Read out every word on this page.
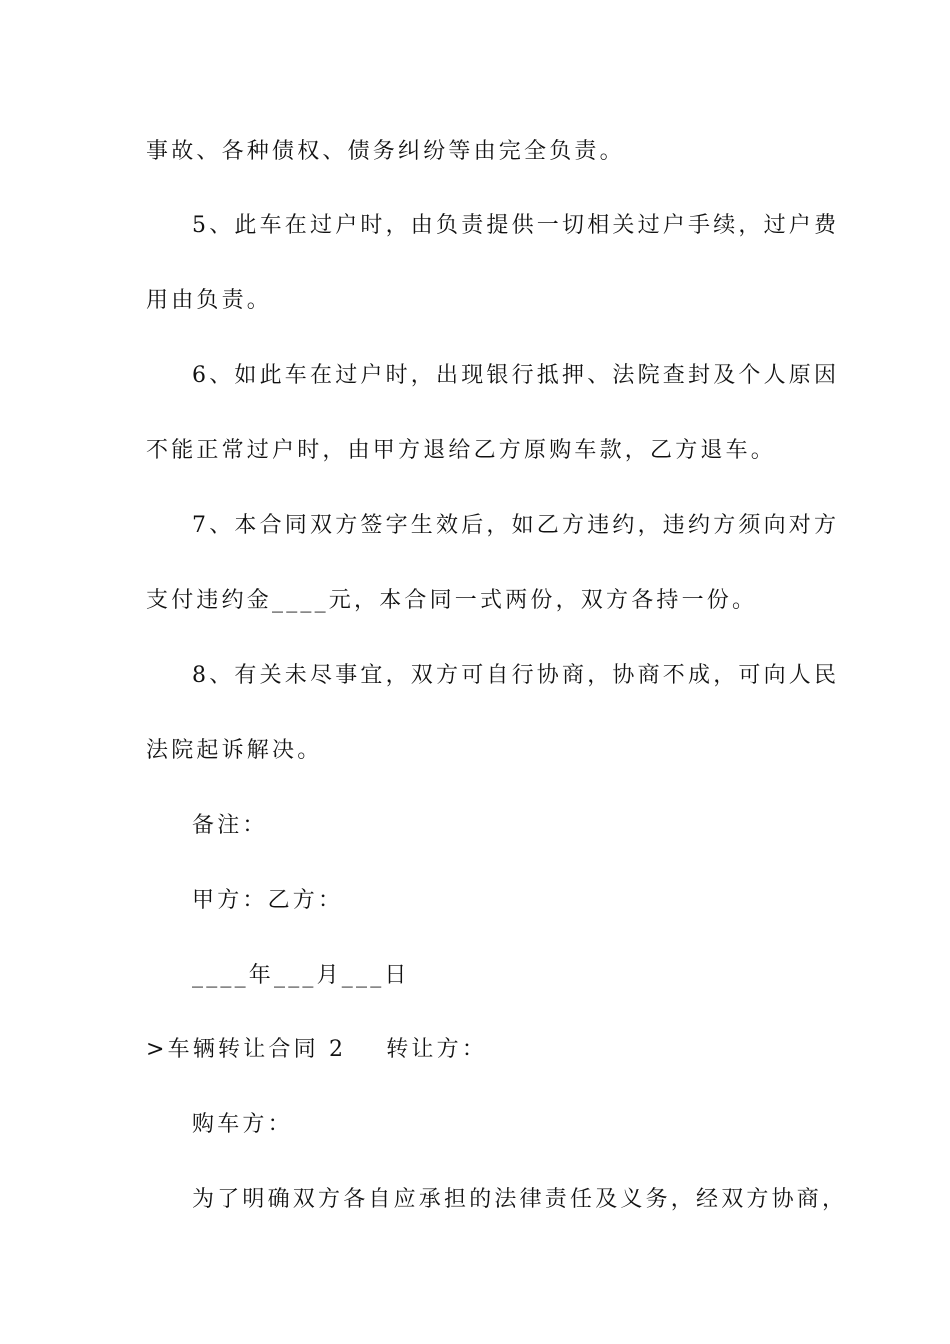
事故、各种债权、债务纠纷等由完全负责。
5、此车在过户时，由负责提供一切相关过户手续，过户费
用由负责。
6、如此车在过户时，出现银行抵押、法院查封及个人原因
不能正常过户时，由甲方退给乙方原购车款，乙方退车。
7、本合同双方签字生效后，如乙方违约，违约方须向对方
支付违约金____元，本合同一式两份，双方各持一份。
8、有关未尽事宜，双方可自行协商，协商不成，可向人民
法院起诉解决。
备注：
甲方：乙方：
____年___月___日
>车辆转让合同 2 转让方：
购车方：
为了明确双方各自应承担的法律责任及义务，经双方协商，
